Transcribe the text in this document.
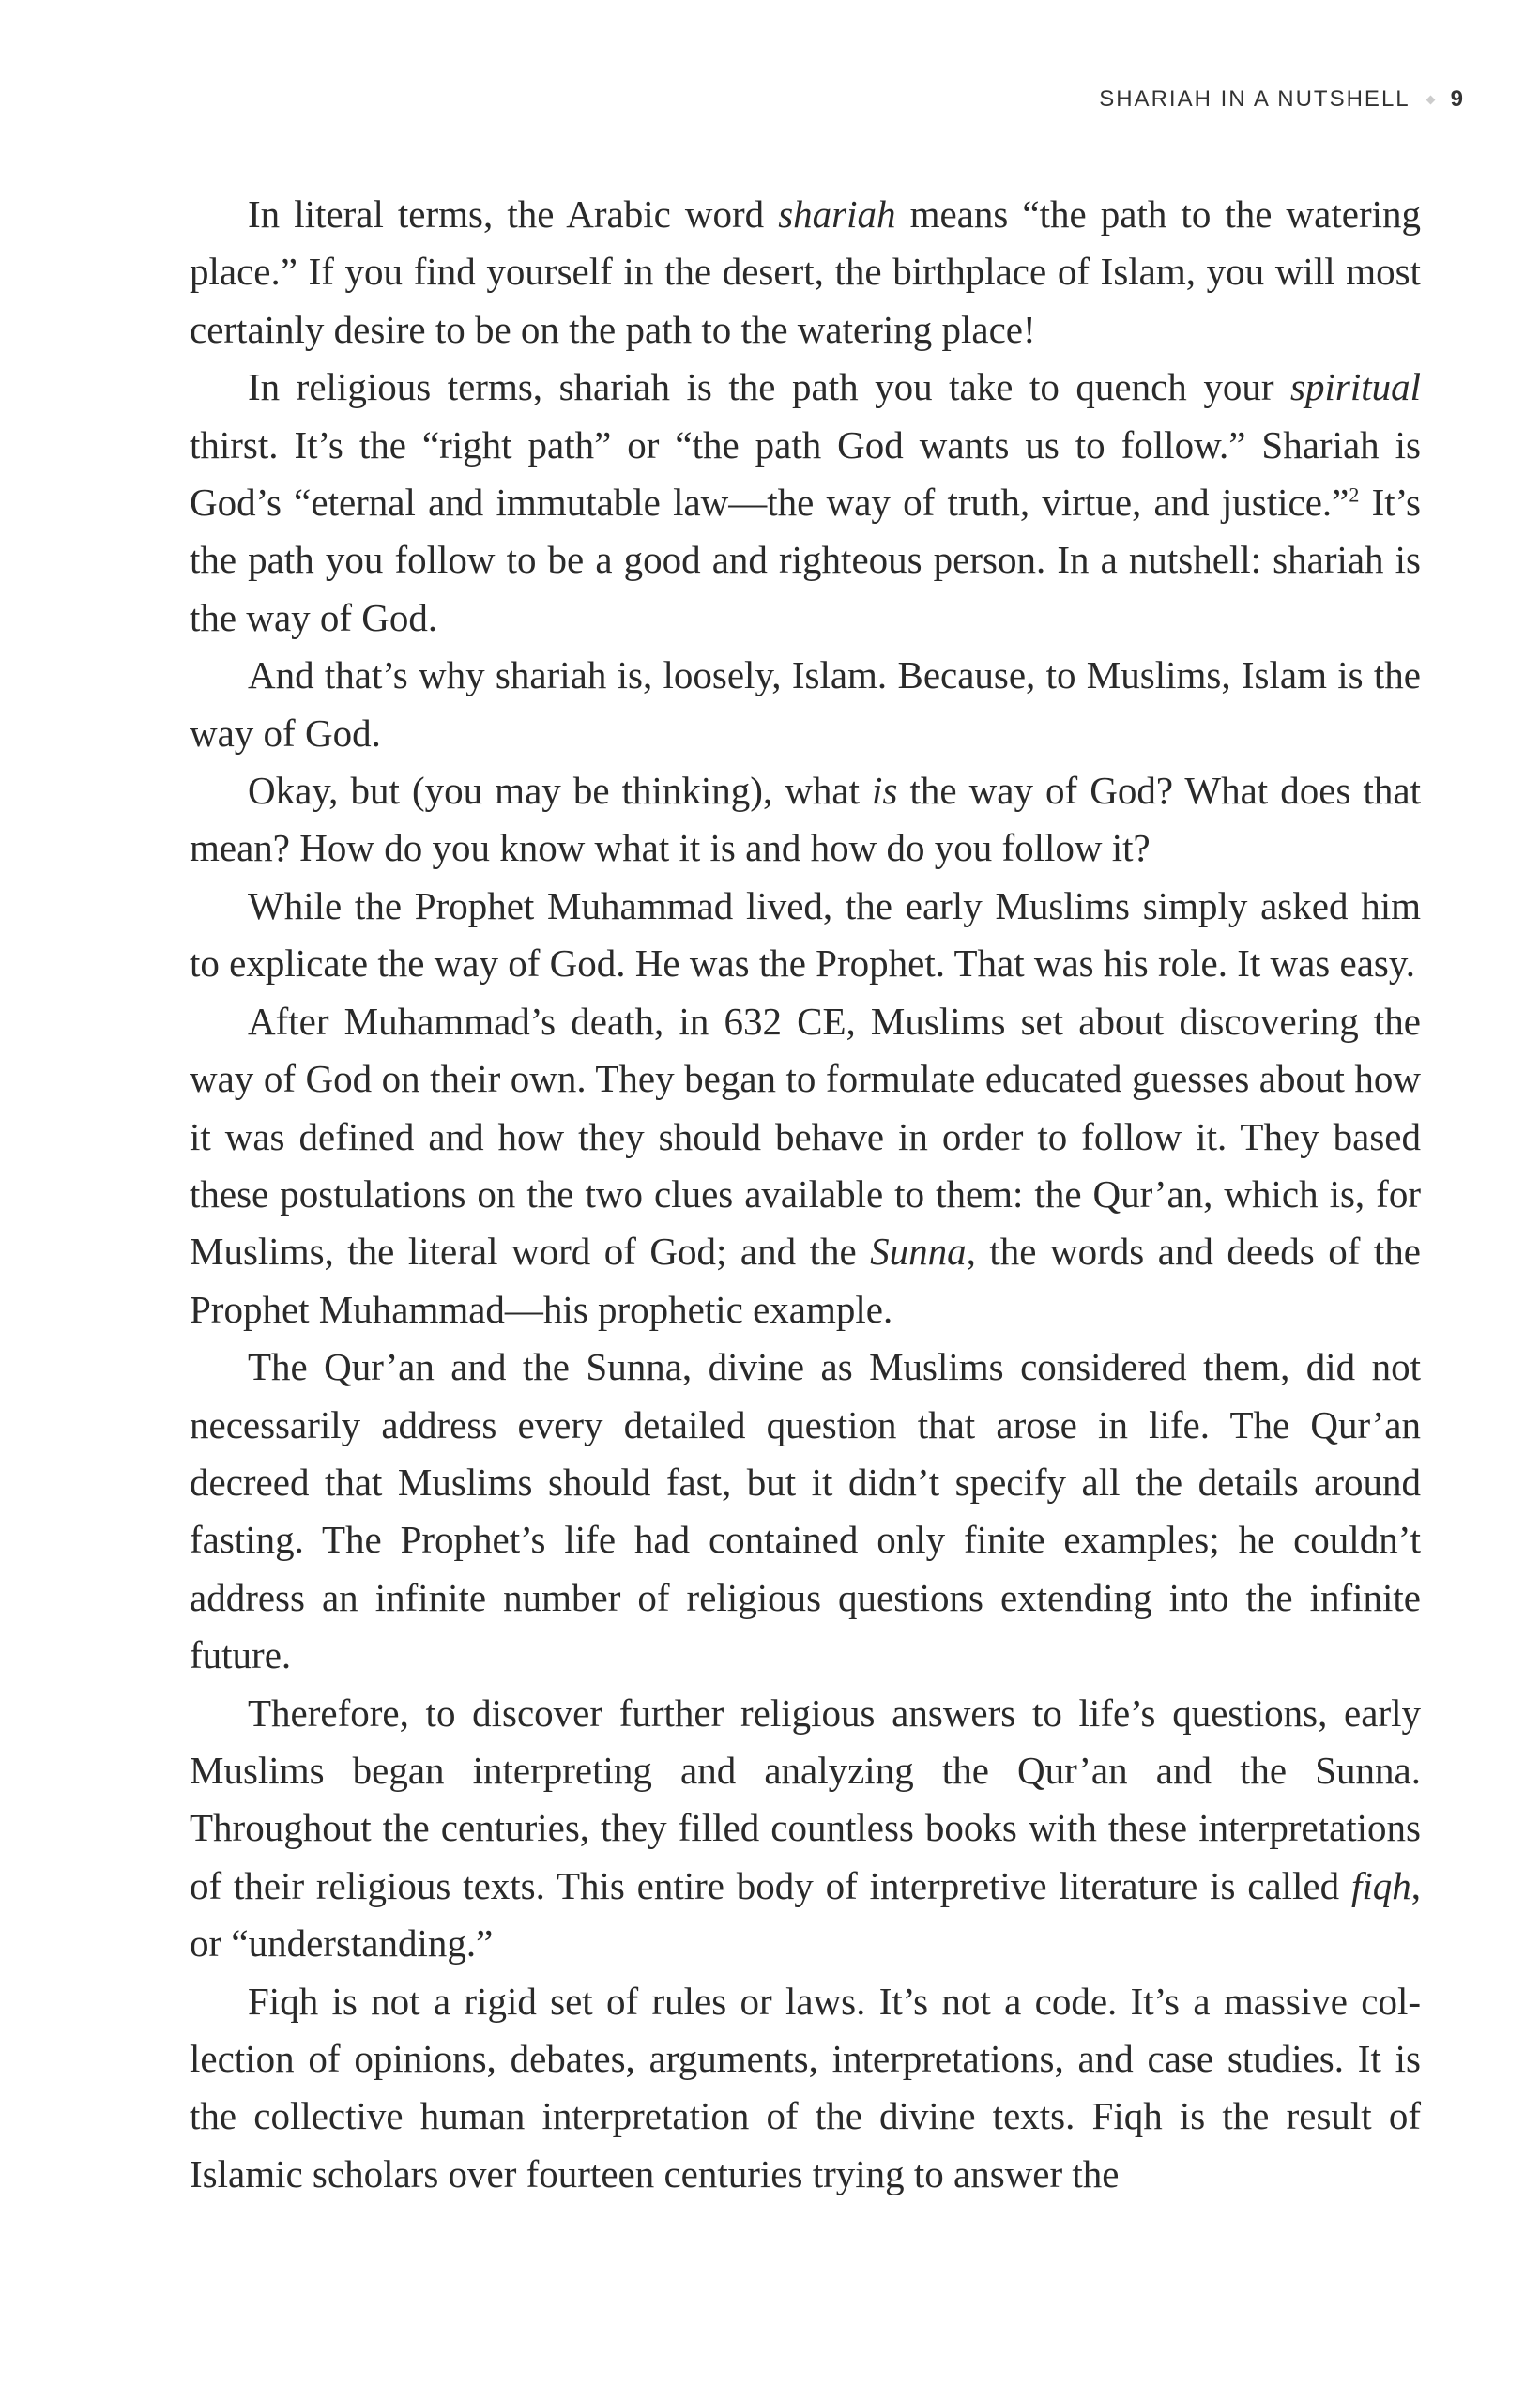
SHARIAH IN A NUTSHELL 9

In literal terms, the Arabic word shariah means “the path to the watering place.” If you find yourself in the desert, the birthplace of Islam, you will most certainly desire to be on the path to the watering place!

In religious terms, shariah is the path you take to quench your spiritual thirst. It’s the “right path” or “the path God wants us to follow.” Shariah is God’s “eternal and immutable law—the way of truth, virtue, and justice.”$^2$ It’s the path you follow to be a good and righteous person. In a nutshell: shariah is the way of God.

And that’s why shariah is, loosely, Islam. Because, to Muslims, Islam is the way of God.

Okay, but (you may be thinking), what is the way of God? What does that mean? How do you know what it is and how do you follow it?

While the Prophet Muhammad lived, the early Muslims simply asked him to explicate the way of God. He was the Prophet. That was his role. It was easy.

After Muhammad’s death, in 632 CE, Muslims set about discovering the way of God on their own. They began to formulate educated guesses about how it was defined and how they should behave in order to follow it. They based these postulations on the two clues available to them: the Qur’an, which is, for Muslims, the literal word of God; and the Sunna, the words and deeds of the Prophet Muhammad—his prophetic example.

The Qur’an and the Sunna, divine as Muslims considered them, did not necessarily address every detailed question that arose in life. The Qur’an decreed that Muslims should fast, but it didn’t specify all the details around fasting. The Prophet’s life had contained only finite examples; he couldn’t address an infinite number of religious questions extending into the infinite future.

Therefore, to discover further religious answers to life’s questions, early Muslims began interpreting and analyzing the Qur’an and the Sunna. Throughout the centuries, they filled countless books with these interpretations of their religious texts. This entire body of interpretive literature is called fiqh, or “understanding.”

Fiqh is not a rigid set of rules or laws. It’s not a code. It’s a massive collection of opinions, debates, arguments, interpretations, and case studies. It is the collective human interpretation of the divine texts. Fiqh is the result of Islamic scholars over fourteen centuries trying to answer the
